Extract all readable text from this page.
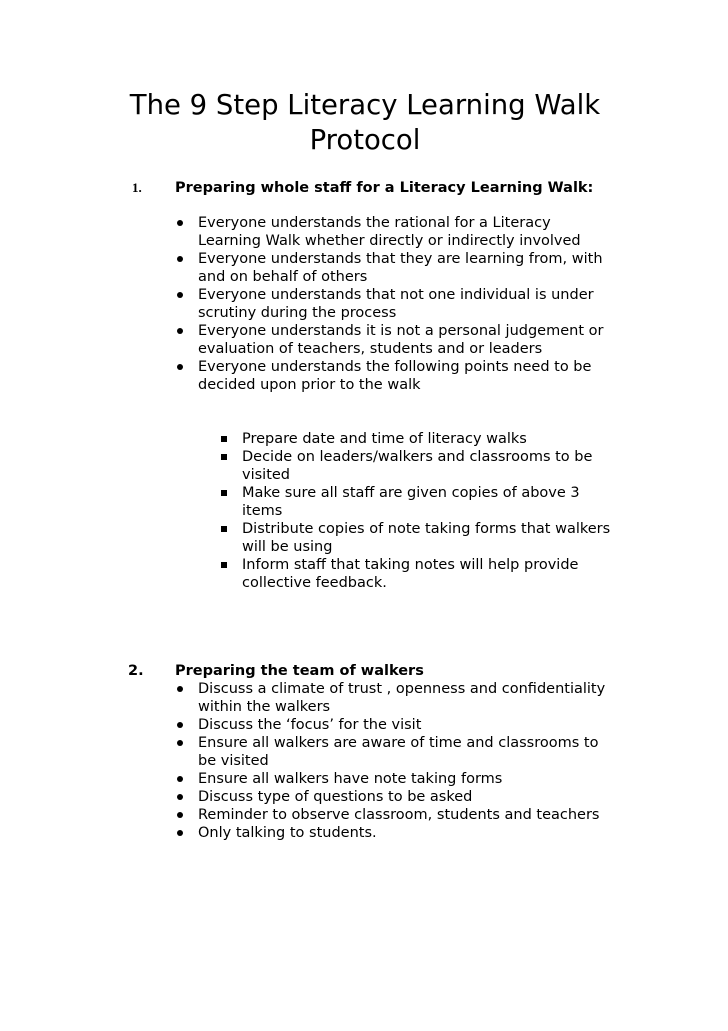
The 9 Step Literacy Learning Walk
Protocol
1. Preparing whole staff for a Literacy Learning Walk:
Everyone understands the rational for a Literacy
Learning Walk whether directly or indirectly involved
Everyone understands that they are learning from, with
and on behalf of others
Everyone understands that not one individual is under
scrutiny during the process
Everyone understands it is not a personal judgement or
evaluation of teachers, students and or leaders
Everyone understands the following points need to be
decided upon prior to the walk
Prepare date and time of literacy walks
Decide on leaders/walkers and classrooms to be
visited
Make sure all staff are given copies of above 3
items
Distribute copies of note taking forms that walkers
will be using
Inform staff that taking notes will help provide
collective feedback.
2. Preparing the team of walkers
Discuss a climate of trust , openness and confidentiality
within the walkers
Discuss the ‘focus’ for the visit
Ensure all walkers are aware of time and classrooms to
be visited
Ensure all walkers have note taking forms
Discuss type of questions to be asked
Reminder to observe classroom, students and teachers
Only talking to students.
